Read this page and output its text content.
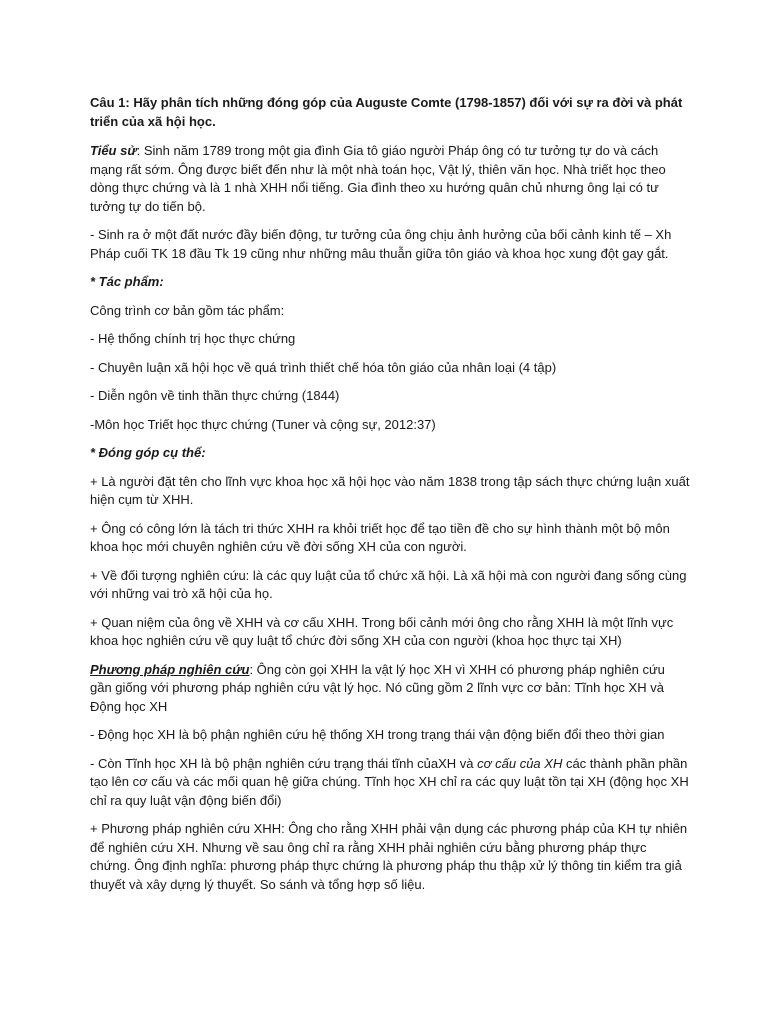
Câu 1: Hãy phân tích những đóng góp của Auguste Comte (1798-1857) đối với sự ra đời và phát triển của xã hội học.

Tiểu sử: Sinh năm 1789 trong một gia đình Gia tô giáo người Pháp ông có tư tưởng tự do và cách mạng rất sớm. Ông được biết đến như là một nhà toán học, Vật lý, thiên văn học. Nhà triết học theo dòng thực chứng và là 1 nhà XHH nổi tiếng. Gia đình theo xu hướng quân chủ nhưng ông lại có tư tưởng tự do tiến bộ.

- Sinh ra ở một đất nước đầy biến động, tư tưởng của ông chịu ảnh hưởng của bối cảnh kinh tế – Xh Pháp cuối TK 18 đầu Tk 19 cũng như những mâu thuẫn giữa tôn giáo và khoa học xung đột gay gắt.

* Tác phẩm:

Công trình cơ bản gồm tác phẩm:

- Hệ thống chính trị học thực chứng

- Chuyên luận xã hội học về quá trình thiết chế hóa tôn giáo của nhân loại (4 tập)

- Diễn ngôn về tinh thần thực chứng (1844)

-Môn học Triết học thực chứng (Tuner và cộng sự, 2012:37)

* Đóng góp cụ thể:

+ Là người đặt tên cho lĩnh vực khoa học xã hội học vào năm 1838 trong tập sách thực chứng luận xuất hiện cụm từ XHH.

+ Ông có công lớn là tách tri thức XHH ra khỏi triết học để tạo tiền đề cho sự hình thành một bộ môn khoa học mới chuyên nghiên cứu về đời sống XH của con người.

+ Về đối tượng nghiên cứu: là các quy luật của tổ chức xã hội. Là xã hội mà con người đang sống cùng với những vai trò xã hội của họ.

+ Quan niệm của ông về XHH và cơ cấu XHH. Trong bối cảnh mới ông cho rằng XHH là một lĩnh vực khoa học nghiên cứu về quy luật tổ chức đời sống XH của con người (khoa học thực tại XH)

Phương pháp nghiên cứu: Ông còn gọi XHH la vật lý học XH vì XHH có phương pháp nghiên cứu gần giống với phương pháp nghiên cứu vật lý học. Nó cũng gồm 2 lĩnh vực cơ bản: Tĩnh học XH và Động học XH

- Động học XH là bộ phận nghiên cứu hệ thống XH trong trạng thái vận động biến đổi theo thời gian

- Còn Tĩnh học XH là bộ phận nghiên cứu trạng thái tĩnh củaXH và cơ cấu của XH các thành phần phần tạo lên cơ cấu và các mối quan hệ giữa chúng. Tĩnh học XH chỉ ra các quy luật tồn tại XH (động học XH chỉ ra quy luật vận động biến đổi)

+ Phương pháp nghiên cứu XHH: Ông cho rằng XHH phải vận dụng các phương pháp của KH tự nhiên để nghiên cứu XH. Nhưng về sau ông chỉ ra rằng XHH phải nghiên cứu bằng phương pháp thực chứng. Ông định nghĩa: phương pháp thực chứng là phương pháp thu thập xử lý thông tin kiểm tra giả thuyết và xây dựng lý thuyết. So sánh và tổng hợp số liệu.
